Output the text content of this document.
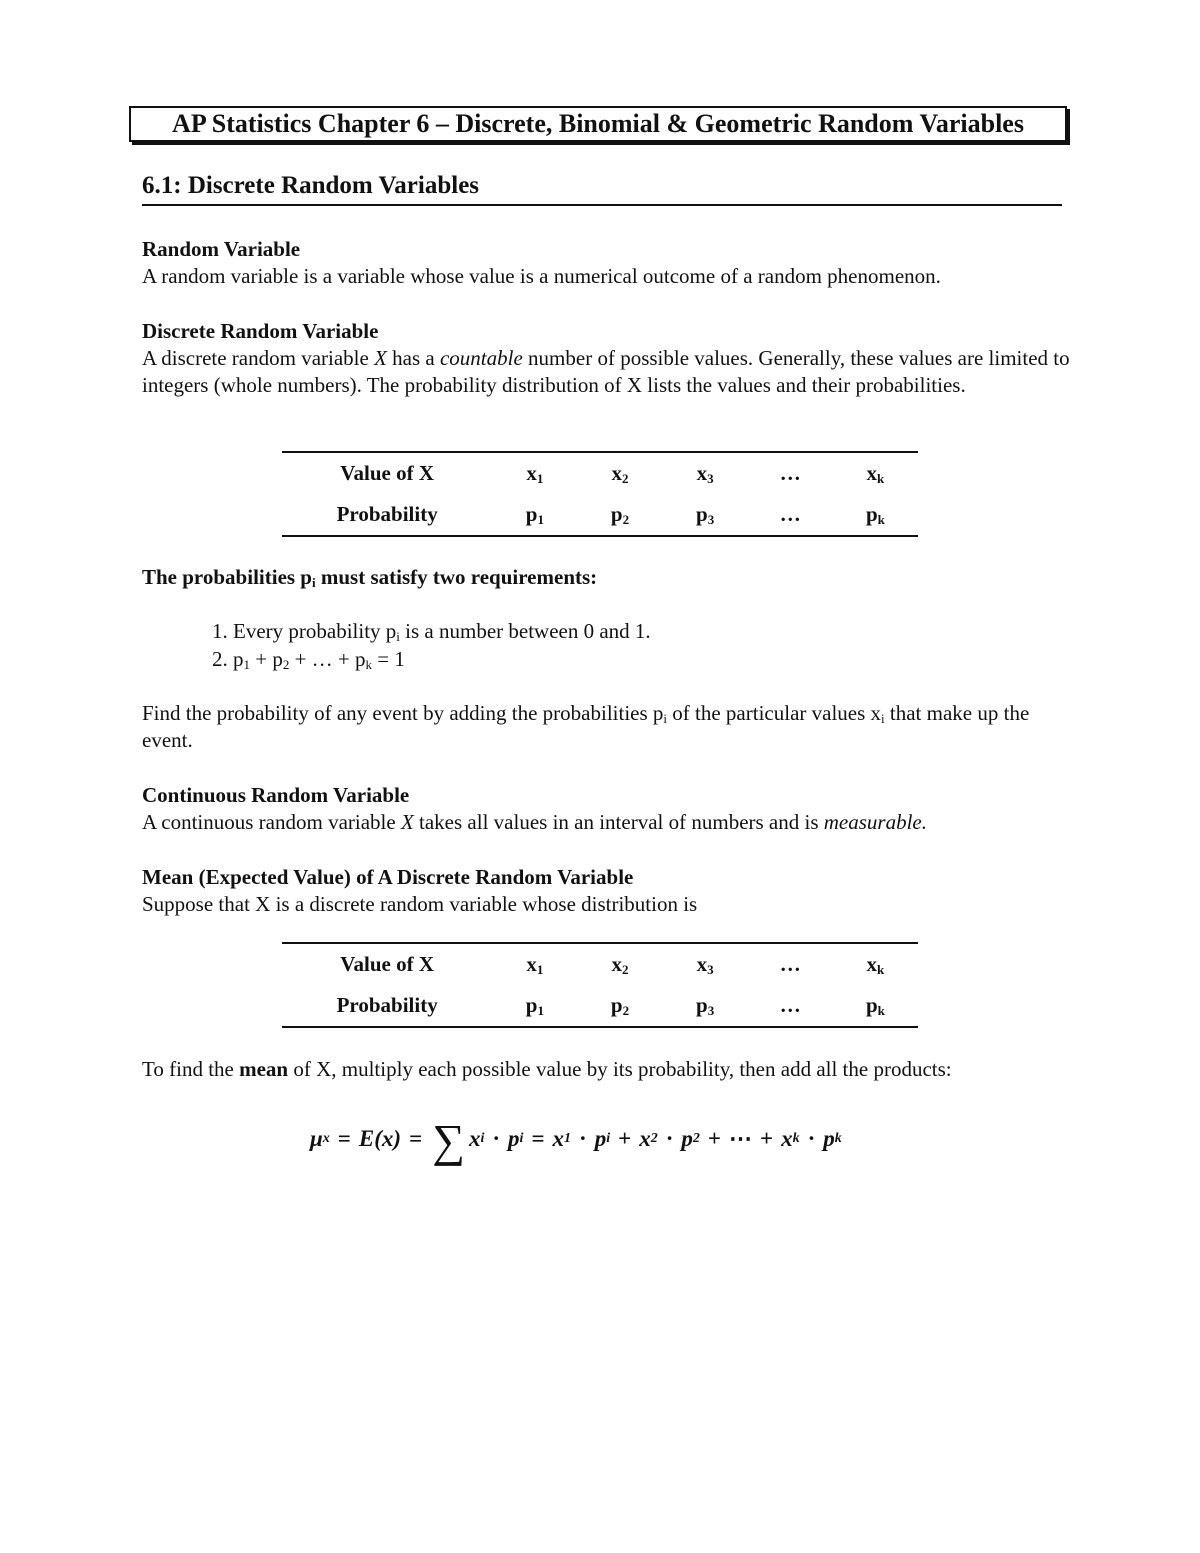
AP Statistics Chapter 6 – Discrete, Binomial & Geometric Random Variables
6.1: Discrete Random Variables
Random Variable
A random variable is a variable whose value is a numerical outcome of a random phenomenon.
Discrete Random Variable
A discrete random variable X has a countable number of possible values. Generally, these values are limited to integers (whole numbers). The probability distribution of X lists the values and their probabilities.
Value of X	$x_1$	$x_2$	$x_3$	…	$x_k$
Probability	$p_1$	$p_2$	$p_3$	…	$p_k$
The probabilities $p_i$ must satisfy two requirements:
1. Every probability $p_i$ is a number between 0 and 1.
2. $p_1 + p_2$ + … + $p_k = 1$
Find the probability of any event by adding the probabilities $p_i$ of the particular values $x_i$ that make up the event.
Continuous Random Variable
A continuous random variable X takes all values in an interval of numbers and is measurable.
Mean (Expected Value) of A Discrete Random Variable
Suppose that X is a discrete random variable whose distribution is
Value of X	$x_1$	$x_2$	$x_3$	…	$x_k$
Probability	$p_1$	$p_2$	$p_3$	…	$p_k$
To find the mean of X, multiply each possible value by its probability, then add all the products:
μ x = E(x) = ∑ x i · p i = x 1 · p i + x 2 · p 2 + ⋯ + x k · p k
